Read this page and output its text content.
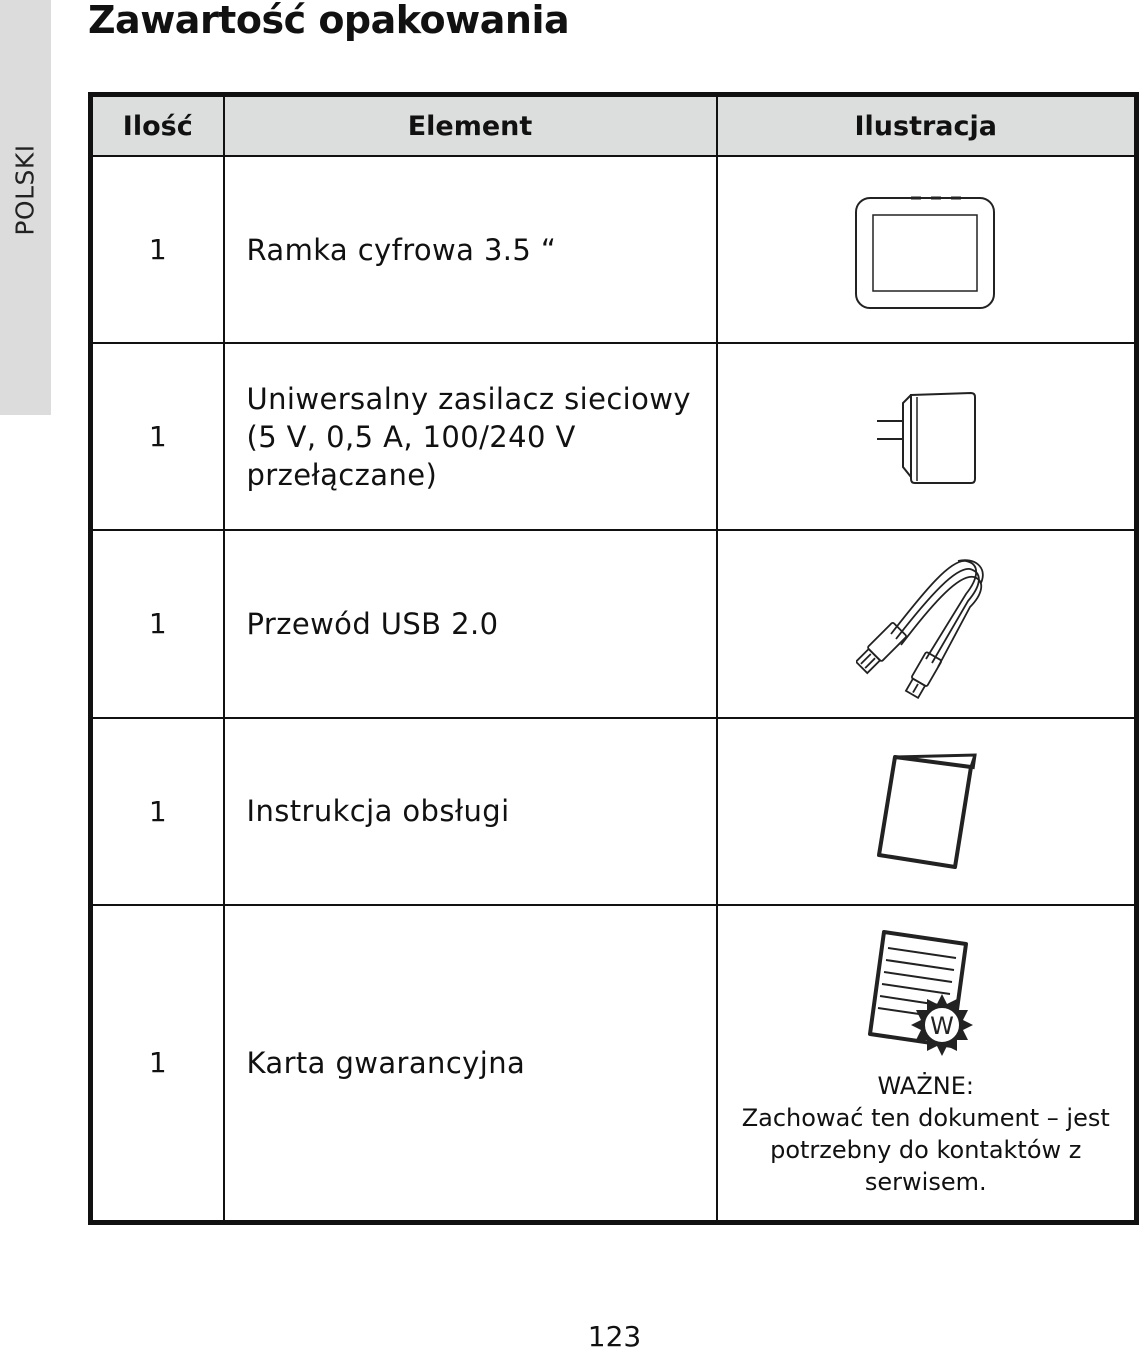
POLSKI
Zawartość opakowania
Ilość	Element	Ilustracja
1	Ramka cyfrowa 3.5 “	

1	Uniwersalny zasilacz sieciowy (5 V, 0,5 A, 100/240 V przełączane)	

1	Przewód USB 2.0	

1	Instrukcja obsługi	

1	Karta gwarancyjna	W
WAŻNE:
Zachować ten dokument – jest potrzebny do kontaktów z serwisem.
123
